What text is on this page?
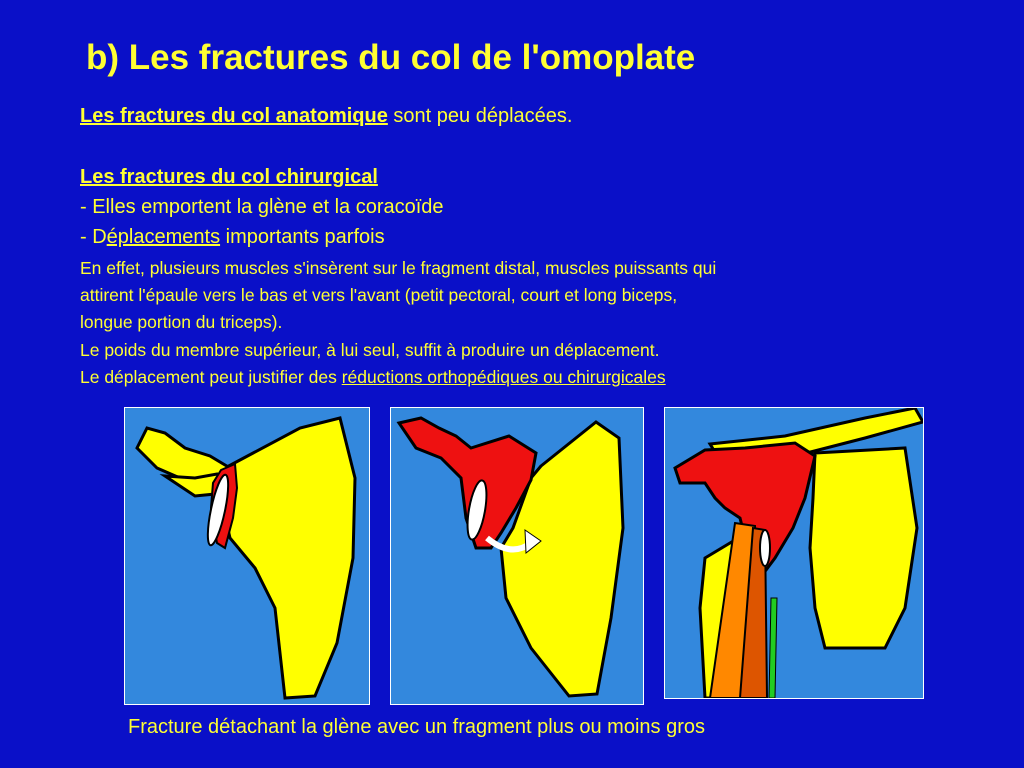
b) Les fractures du col de l'omoplate
Les fractures du col anatomique sont peu déplacées.
Les fractures du col chirurgical
- Elles emportent la glène et la coracoïde
- Déplacements importants parfois
En effet, plusieurs muscles s'insèrent sur le fragment distal, muscles puissants qui
attirent l'épaule vers le bas et vers l'avant (petit pectoral, court et long biceps,
longue portion du triceps).
Le poids du membre supérieur, à lui seul, suffit à produire un déplacement.
Le déplacement peut justifier des réductions orthopédiques ou chirurgicales
Fracture détachant la glène avec un fragment plus ou moins gros
